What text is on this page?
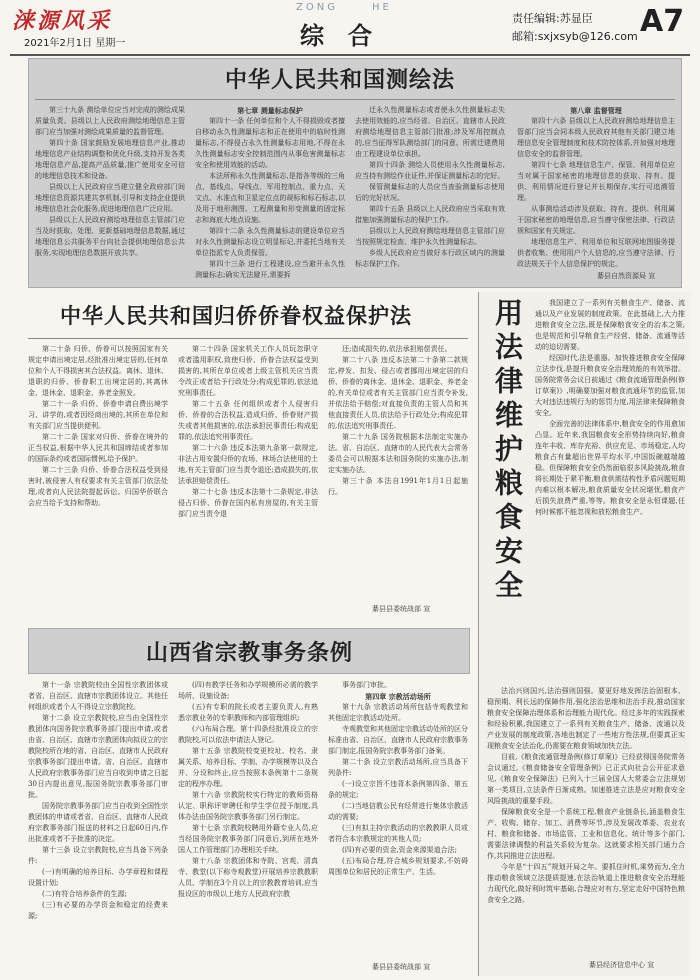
涞源风采
2021年2月1日 星期一
ZONG	HE
综合
责任编辑:苏显臣
邮箱:sxjxsyb@126.com A7
中华人民共和国测绘法

第三十九条 测绘单位应当对完成的测绘成果质量负责。县级以上人民政府测绘地理信息主管部门应当加强对测绘成果质量的监督管理。

第四十条 国家鼓励发展地理信息产业,推动地理信息产业结构调整和优化升级,支持开发各类地理信息产品,提高产品质量,推广使用安全可信的地理信息技术和设备。

县级以上人民政府应当建立健全政府部门间地理信息资源共建共享机制,引导和支持企业提供地理信息社会化服务,促进地理信息广泛应用。

县级以上人民政府测绘地理信息主管部门应当及时获取、处理、更新基础地理信息数据,通过地理信息公共服务平台向社会提供地理信息公共服务,实现地理信息数据开放共享。

第七章 测量标志保护

第四十一条 任何单位和个人不得损毁或者擅自移动永久性测量标志和正在使用中的临时性测量标志,不得侵占永久性测量标志用地,不得在永久性测量标志安全控制范围内从事危害测量标志安全和使用效能的活动。

本法所称永久性测量标志,是指各等级的三角点、基线点、导线点、军用控制点、重力点、天文点、水准点和卫星定位点的觇标和标石标志,以及用于地形测图、工程测量和形变测量的固定标志和海底大地点设施。

第四十二条 永久性测量标志的建设单位应当对永久性测量标志设立明显标记,并委托当地有关单位指派专人负责保管。

第四十三条 进行工程建设,应当避开永久性测量标志;确实无法避开,需要拆

迁永久性测量标志或者使永久性测量标志失去使用效能的,应当经省、自治区、直辖市人民政府测绘地理信息主管部门批准;涉及军用控制点的,应当征得军队测绘部门的同意。所需迁建费用由工程建设单位承担。

第四十四条 测绘人员使用永久性测量标志,应当持有测绘作业证件,并保证测量标志的完好。

保管测量标志的人员应当查验测量标志使用后的完好状况。

第四十五条 县级以上人民政府应当采取有效措施加强测量标志的保护工作。

县级以上人民政府测绘地理信息主管部门应当按照规定检查、维护永久性测量标志。

乡级人民政府应当做好本行政区域内的测量标志保护工作。

第八章 监督管理

第四十六条 县级以上人民政府测绘地理信息主管部门应当会同本级人民政府其他有关部门建立地理信息安全管理制度和技术防控体系,并加强对地理信息安全的监督管理。

第四十七条 地理信息生产、保管、利用单位应当对属于国家秘密的地理信息的获取、持有、提供、利用情况进行登记并长期保存,实行可追溯管理。

从事测绘活动涉及获取、持有、提供、利用属于国家秘密的地理信息,应当遵守保密法律、行政法规和国家有关规定。

地理信息生产、利用单位和互联网地图服务提供者收集、使用用户个人信息的,应当遵守法律、行政法规关于个人信息保护的规定。

綦县自然资源局 宣
中华人民共和国归侨侨眷权益保护法

第二十条 归侨、侨眷可以按照国家有关规定申请出境定居,经批准出境定居的,任何单位和个人不得损害其合法权益。离休、退休、退职的归侨、侨眷职工出境定居的,其离休金、退休金、退职金、养老金照发。

第二十一条 归侨、侨眷申请自费出境学习、讲学的,或者因经商出境的,其所在单位和有关部门应当提供便利。

第二十二条 国家对归侨、侨眷在境外的正当权益,根据中华人民共和国缔结或者参加的国际条约或者国际惯例,给予保护。

第二十三条 归侨、侨眷合法权益受到侵害时,被侵害人有权要求有关主管部门依法处理,或者向人民法院提起诉讼。归国华侨联合会应当给予支持和帮助。

第二十四条 国家机关工作人员玩忽职守或者滥用职权,致使归侨、侨眷合法权益受到损害的,其所在单位或者上级主管机关应当责令改正或者给予行政处分;构成犯罪的,依法追究刑事责任。

第二十五条 任何组织或者个人侵害归侨、侨眷的合法权益,造成归侨、侨眷财产损失或者其他损害的,依法承担民事责任;构成犯罪的,依法追究刑事责任。

第二十六条 违反本法第九条第一款规定,非法占用安置归侨的农场、林场合法使用的土地,有关主管部门应当责令退还;造成损失的,依法承担赔偿责任。

第二十七条 违反本法第十二条规定,非法侵占归侨、侨眷在国内私有房屋的,有关主管部门应当责令退

还;造成损失的,依法承担赔偿责任。

第二十八条 违反本法第二十条第二款规定,停发、扣发、侵占或者挪用出境定居的归侨、侨眷的离休金、退休金、退职金、养老金的,有关单位或者有关主管部门应当责令补发,并依法给予赔偿;对直接负责的主管人员和其他直接责任人员,依法给予行政处分;构成犯罪的,依法追究刑事责任。

第二十九条 国务院根据本法制定实施办法。省、自治区、直辖市的人民代表大会常务委员会可以根据本法和国务院的实施办法,制定实施办法。

第三十条 本法自1991年1月1日起施行。

綦县县委统战部 宣
用法律维护粮食安全	我国建立了一系列有关粮食生产、储备、流通以及产业发展的制度政策。在此基础上,大力推进粮食安全立法,既是保障粮食安全的治本之策,也是规范和引导粮食生产经营、储备、流通等活动的迫切需要。

经国时代,法是重器。加快推进粮食安全保障立法步伐,是提升粮食安全治理效能的有效举措。国务院常务会议日前通过《粮食流通管理条例(修订草案)》,明确要加强对粮食流通环节的监管,加大对违法违规行为的惩罚力度,用法律来保障粮食安全。

全面完善的法律体系中,粮食安全的作用愈加凸显。近年来,我国粮食安全形势持续向好,粮食连年丰收、库存充裕、供应充足、市场稳定,人均粮食占有量超出世界平均水平,中国饭碗越端越稳。但保障粮食安全仍然面临很多风险挑战,粮食将长期处于紧平衡,粮食供需结构性矛盾问题短期内难以根本解决,粮食质量安全状况堪忧,粮食产后损失浪费严重,等等。粮食安全是永恒课题,任何时候都不能忽视和放松粮食生产。

法治兴则国兴,法治强则国强。要更好地发挥法治固根本、稳预期、利长远的保障作用,强化法治思维和法治手段,推动国家粮食安全保障治理体系和治理能力现代化。经过多年的实践探索和经验积累,我国建立了一系列有关粮食生产、储备、流通以及产业发展的制度政策,各地也制定了一些地方性法规,但要真正实现粮食安全法治化,仍需要在粮食领域加快立法。

目前,《粮食流通管理条例(修订草案)》已经获得国务院常务会议通过,《粮食储备安全管理条例》已正式向社会公开征求意见,《粮食安全保障法》已列入十三届全国人大常委会立法规划第一类项目,立法条件日渐成熟。加速推进立法是应对粮食安全风险挑战的重要手段。

保障粮食安全是一个系统工程,粮食产业链条长,涵盖粮食生产、收购、储存、加工、消费等环节,涉及发展改革委、农业农村、粮食和储备、市场监管、工业和信息化、统计等多个部门,需要法律调整的利益关系较为复杂。这就要求相关部门通力合作,共同推进立法进程。

今年是“十四五”规划开局之年。要抓住时机,乘势而为,全力推动粮食领域立法提质提速,在法治轨道上推进粮食安全治理能力现代化,做好利时筑牢基础,合理应对有方,坚定走好中国特色粮食安全之路。

綦县经济信息中心 宣
山西省宗教事务条例

第十一条 宗教院校由全国性宗教团体或者省、自治区、直辖市宗教团体设立。其他任何组织或者个人不得设立宗教院校。

第十二条 设立宗教院校,应当由全国性宗教团体向国务院宗教事务部门提出申请,或者由省、自治区、直辖市宗教团体向拟设立的宗教院校所在地的省、自治区、直辖市人民政府宗教事务部门提出申请。省、自治区、直辖市人民政府宗教事务部门应当自收到申请之日起30日内提出意见,报国务院宗教事务部门审批。

国务院宗教事务部门应当自收到全国性宗教团体的申请或者省、自治区、直辖市人民政府宗教事务部门报送的材料之日起60日内,作出批准或者不予批准的决定。

第十三条 设立宗教院校,应当具备下列条件:

(一)有明确的培养目标、办学章程和课程设置计划;

(二)有符合培养条件的生源;

(三)有必要的办学资金和稳定的经费来源;

(四)有教学任务和办学规模所必需的教学场所、设施设备;

(五)有专职的院长或者主要负责人,有熟悉宗教业务的专职教师和内部管理组织;

(六)布局合理。第十四条经批准设立的宗教院校,可以依法申请法人登记。

第十五条 宗教院校变更校址、校名、隶属关系、培养目标、学制、办学规模等以及合并、分设和终止,应当按照本条例第十二条规定的程序办理。

第十六条 宗教院校实行特定的教师资格认定、职称评审聘任和学生学位授予制度,具体办法由国务院宗教事务部门另行制定。

第十七条 宗教院校聘用外籍专业人员,应当经国务院宗教事务部门同意后,到所在地外国人工作管理部门办理相关手续。

第十八条 宗教团体和寺院、宫观、清真寺、教堂(以下称寺观教堂)开展培养宗教教职人员、学制在3个月以上的宗教教育培训,应当报设区的市级以上地方人民政府宗教

事务部门审批。

第四章 宗教活动场所

第十九条 宗教活动场所包括寺观教堂和其他固定宗教活动处所。

寺观教堂和其他固定宗教活动处所的区分标准由省、自治区、直辖市人民政府宗教事务部门制定,报国务院宗教事务部门备案。

第二十条 设立宗教活动场所,应当具备下列条件:

(一)设立宗旨不违背本条例第四条、第五条的规定;

(二)当地信教公民有经常进行集体宗教活动的需要;

(三)有拟主持宗教活动的宗教教职人员或者符合本宗教规定的其他人员;

(四)有必要的资金,资金来源渠道合法;

(五)布局合理,符合城乡规划要求,不妨碍周围单位和居民的正常生产、生活。

綦县县委统战部 宣
